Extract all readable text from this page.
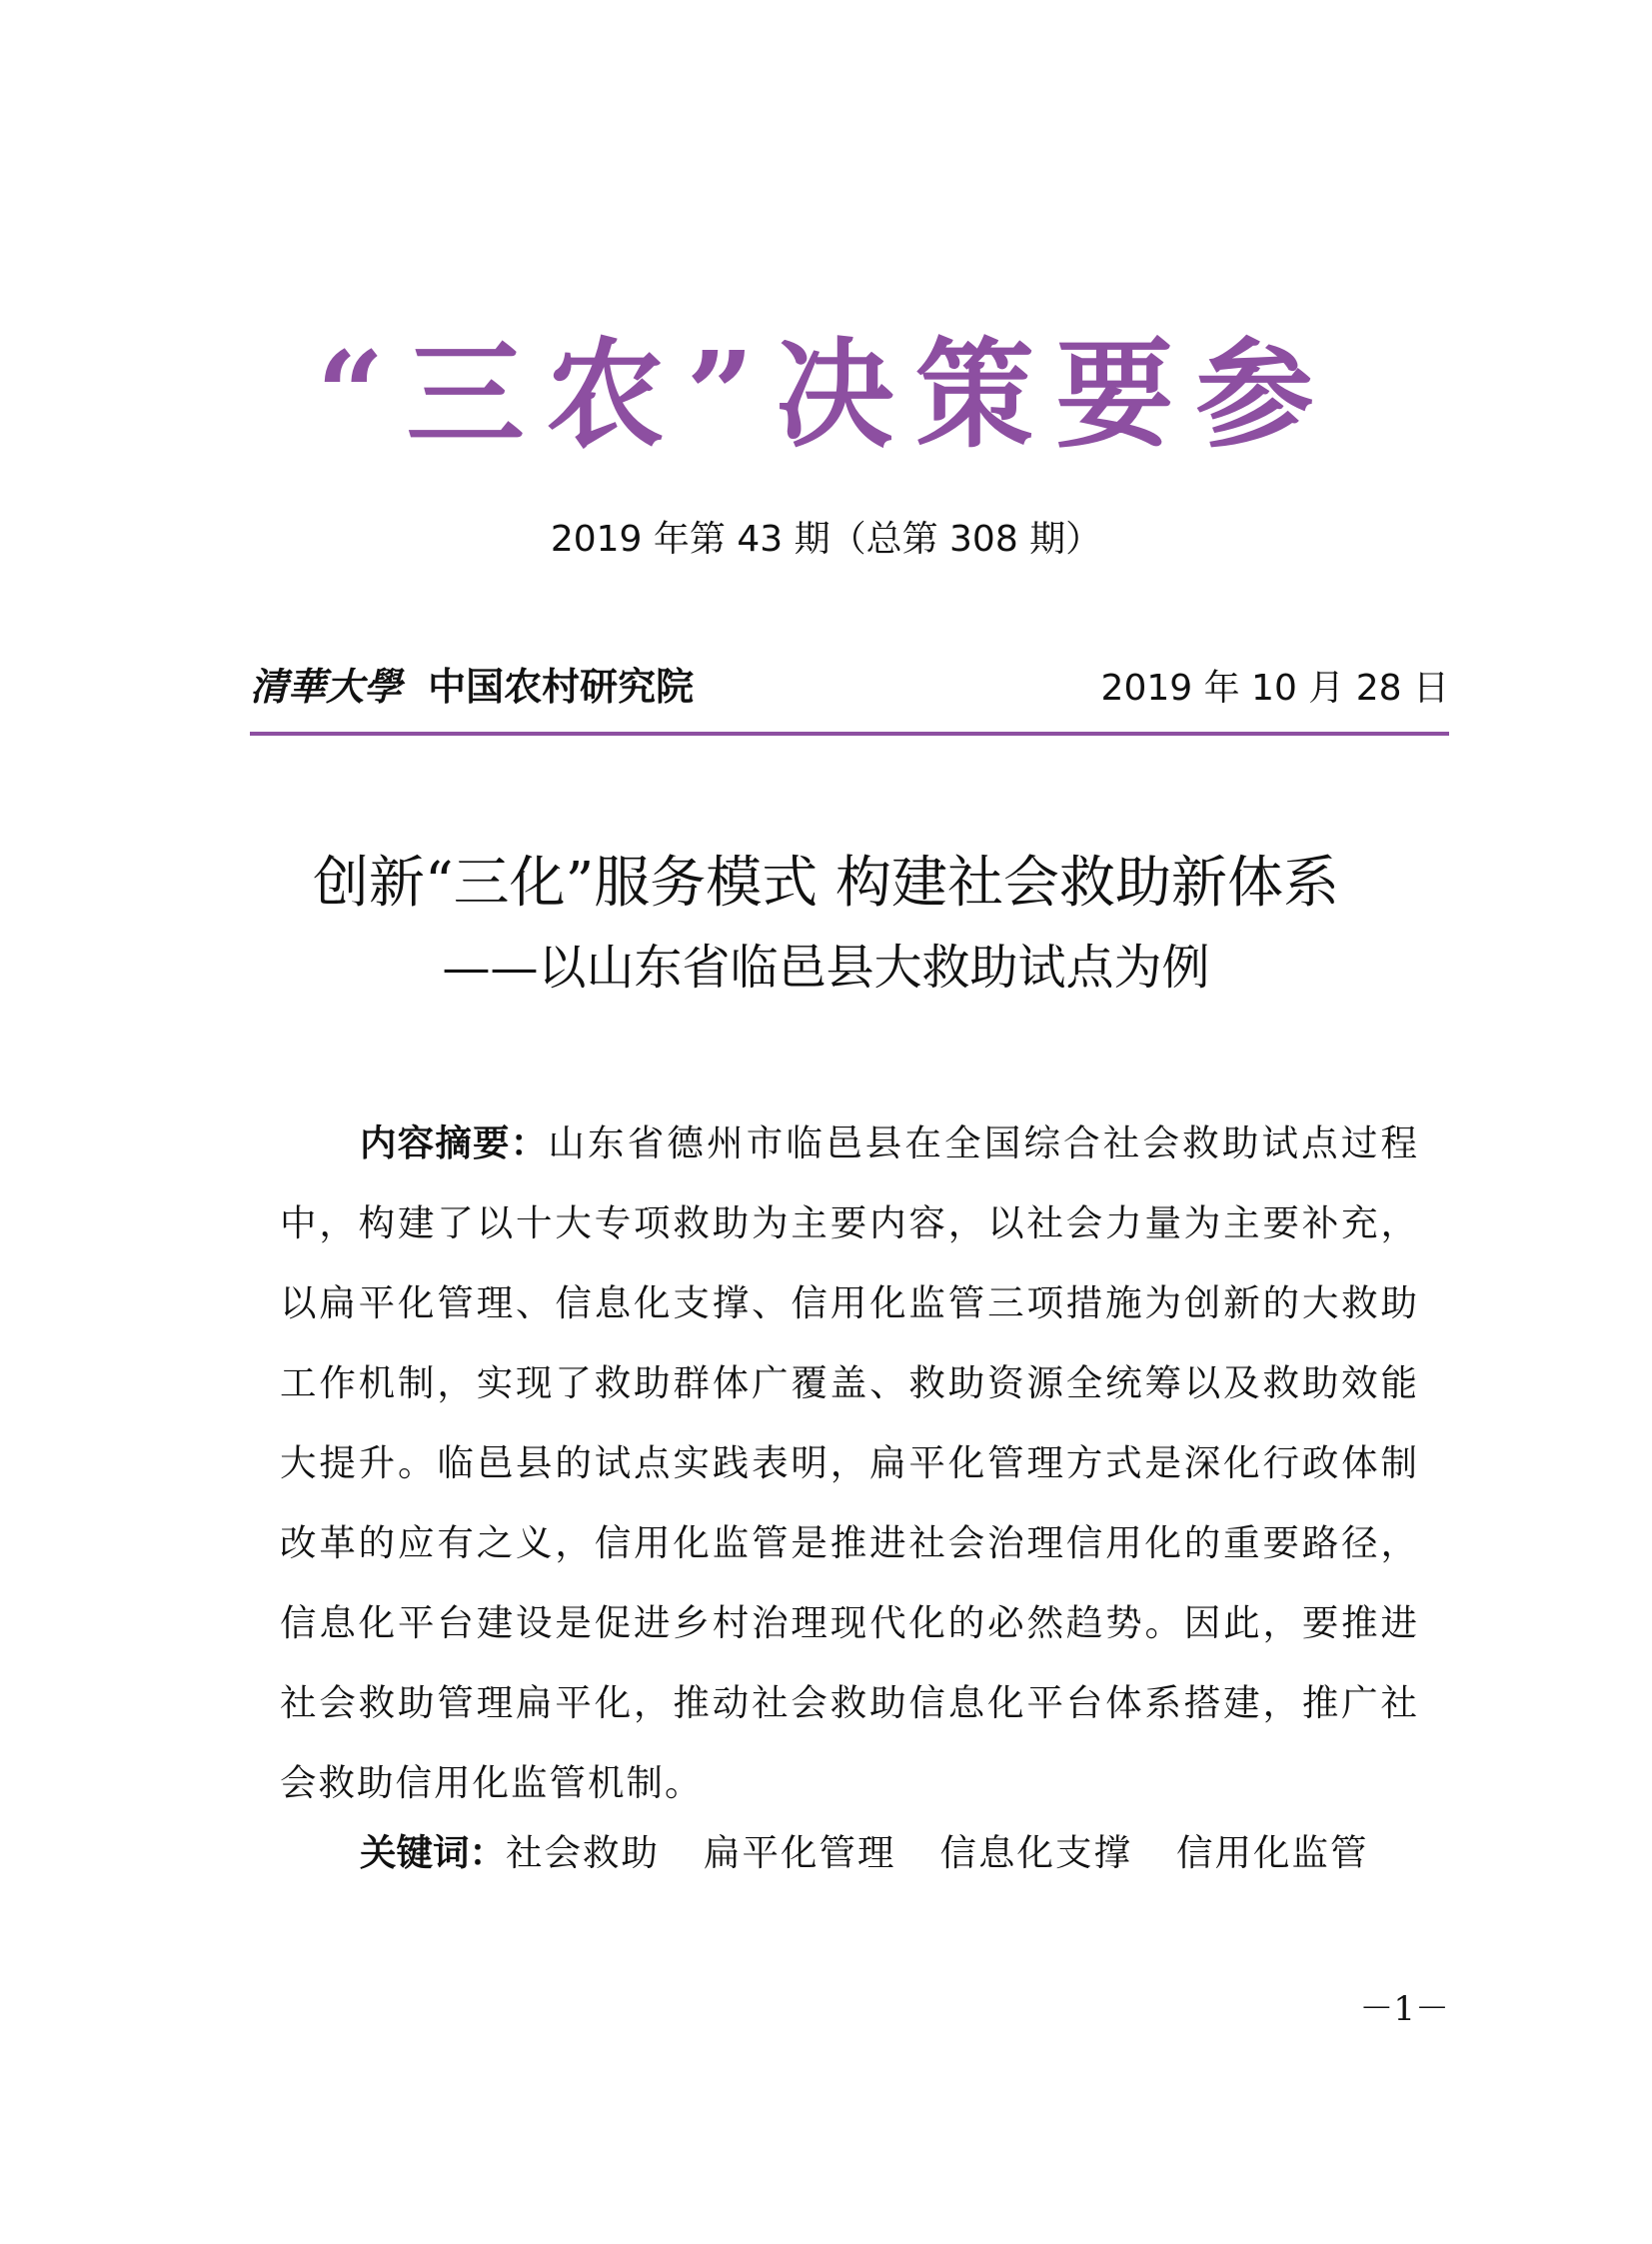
“三农”决策要参
2019 年第 43 期（总第 308 期）
清華大學 中国农村研究院	2019 年 10 月 28 日
创新“三化”服务模式 构建社会救助新体系
——以山东省临邑县大救助试点为例

内容摘要：山东省德州市临邑县在全国综合社会救助试点过程中，构建了以十大专项救助为主要内容，以社会力量为主要补充，以扁平化管理、信息化支撑、信用化监管三项措施为创新的大救助工作机制，实现了救助群体广覆盖、救助资源全统筹以及救助效能大提升。临邑县的试点实践表明，扁平化管理方式是深化行政体制改革的应有之义，信用化监管是推进社会治理信用化的重要路径，信息化平台建设是促进乡村治理现代化的必然趋势。因此，要推进社会救助管理扁平化，推动社会救助信息化平台体系搭建，推广社会救助信用化监管机制。

关键词：社会救助 扁平化管理 信息化支撑 信用化监管
－1－
